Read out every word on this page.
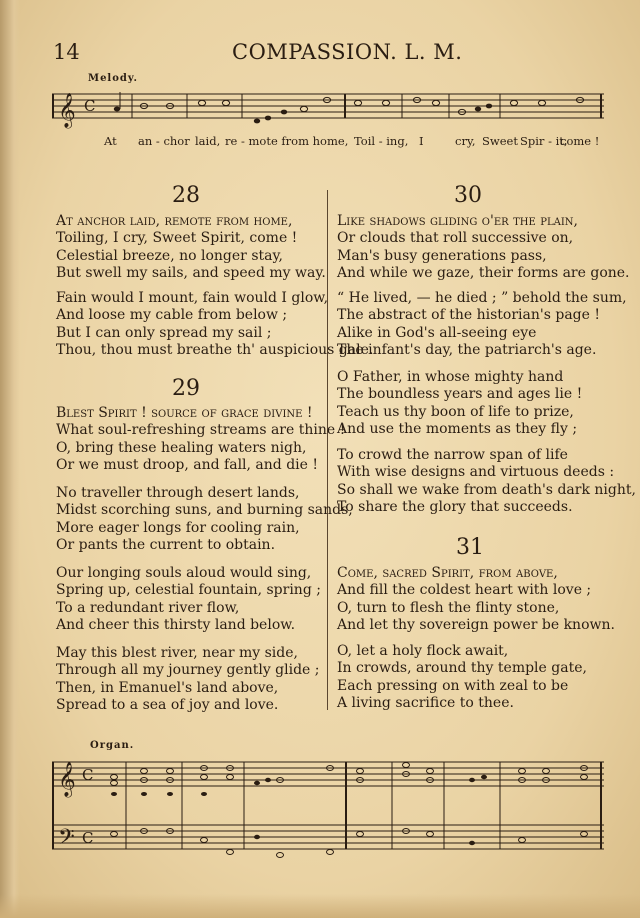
14	COMPASSION. L. M.
Melody.
𝄞 C
At an - chor laid, re - mote from home, Toil - ing, I	cry, Sweet Spir - it,
come !
28
At anchor laid, remote from home,
Toiling, I cry, Sweet Spirit, come !
Celestial breeze, no longer stay,
But swell my sails, and speed my way.
Fain would I mount, fain would I glow,
And loose my cable from below ;
But I can only spread my sail ;
Thou, thou must breathe th' auspicious gale.
29
Blest Spirit ! source of grace divine !
What soul-refreshing streams are thine !
O, bring these healing waters nigh,
Or we must droop, and fall, and die !
No traveller through desert lands,
Midst scorching suns, and burning sands,
More eager longs for cooling rain,
Or pants the current to obtain.
Our longing souls aloud would sing,
Spring up, celestial fountain, spring ;
To a redundant river flow,
And cheer this thirsty land below.
May this blest river, near my side,
Through all my journey gently glide ;
Then, in Emanuel's land above,
Spread to a sea of joy and love.
30
Like shadows gliding o'er the plain,
Or clouds that roll successive on,
Man's busy generations pass,
And while we gaze, their forms are gone.
“ He lived, — he died ; ” behold the sum,
The abstract of the historian's page !
Alike in God's all-seeing eye
The infant's day, the patriarch's age.
O Father, in whose mighty hand
The boundless years and ages lie !
Teach us thy boon of life to prize,
And use the moments as they fly ;
To crowd the narrow span of life
With wise designs and virtuous deeds :
So shall we wake from death's dark night,
To share the glory that succeeds.
31
Come, sacred Spirit, from above,
And fill the coldest heart with love ;
O, turn to flesh the flinty stone,
And let thy sovereign power be known.
O, let a holy flock await,
In crowds, around thy temple gate,
Each pressing on with zeal to be
A living sacrifice to thee.
Organ.
𝄞 C
𝄢 C
